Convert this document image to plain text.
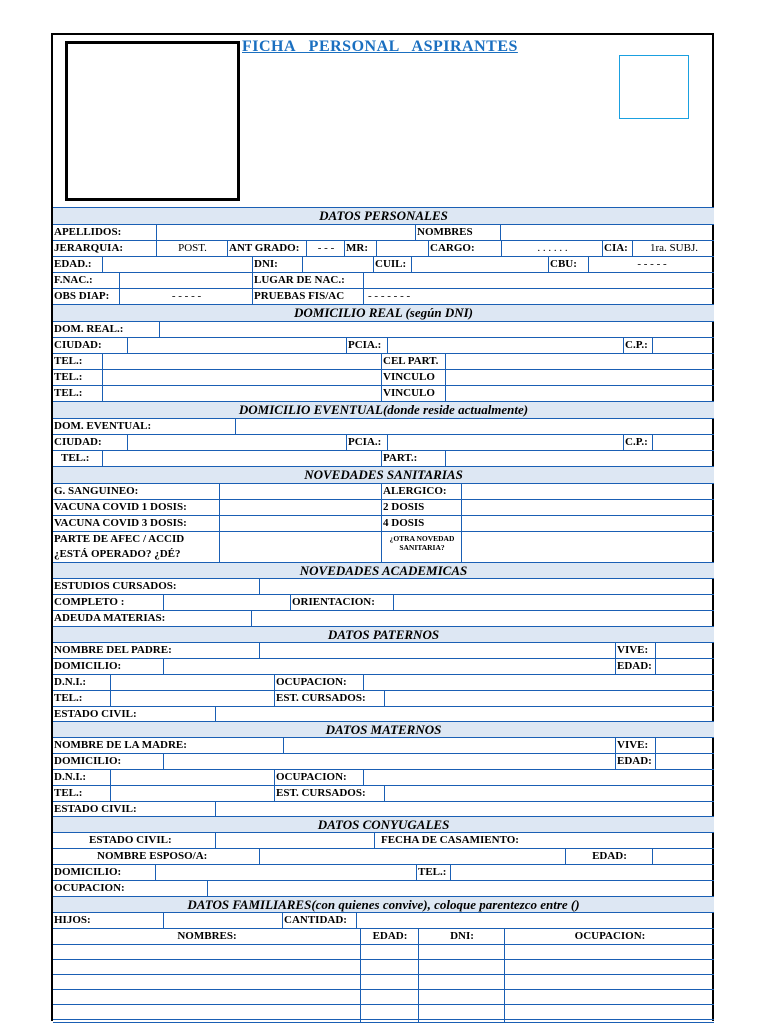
FICHA   PERSONAL   ASPIRANTES
DATOS PERSONALES
APELLIDOS:	NOMBRES
JERARQUIA:	POST.	ANT GRADO:	- - -	MR:	CARGO:	. . . . . .	CIA:	1ra. SUBJ.
EDAD.:	DNI:	CUIL:	CBU:	- - - - -
F.NAC.:	LUGAR DE NAC.:
OBS DIAP:	- - - - -	PRUEBAS FIS/AC	- - - - - - -
DOMICILIO REAL (según DNI)
DOM. REAL.:
CIUDAD:	PCIA.:	C.P.:
TEL.:	CEL PART.
TEL.:	VINCULO
TEL.:	VINCULO
DOMICILIO EVENTUAL(donde reside actualmente)
DOM. EVENTUAL:
CIUDAD:	PCIA.:	C.P.:
TEL.:	PART.:
NOVEDADES SANITARIAS
G. SANGUINEO:	ALERGICO:
VACUNA COVID 1 DOSIS:	2 DOSIS
VACUNA COVID 3 DOSIS:	4 DOSIS
PARTE DE AFEC / ACCID
¿ESTÁ OPERADO? ¿DÉ?
¿OTRA NOVEDAD SANITARIA?
NOVEDADES ACADEMICAS
ESTUDIOS CURSADOS:
COMPLETO :	ORIENTACION:
ADEUDA MATERIAS:
DATOS PATERNOS
NOMBRE DEL PADRE:	VIVE:
DOMICILIO:	EDAD:
D.N.I.:	OCUPACION:
TEL.:	EST. CURSADOS:
ESTADO CIVIL:
DATOS MATERNOS
NOMBRE DE LA MADRE:	VIVE:
DOMICILIO:	EDAD:
D.N.I.:	OCUPACION:
TEL.:	EST. CURSADOS:
ESTADO CIVIL:
DATOS CONYUGALES
ESTADO CIVIL:	FECHA DE CASAMIENTO:
NOMBRE ESPOSO/A:	EDAD:
DOMICILIO:	TEL.:
OCUPACION:
DATOS FAMILIARES(con quienes convive), coloque parentezco entre ()
HIJOS:	CANTIDAD:
NOMBRES:	EDAD:	DNI:	OCUPACION:
